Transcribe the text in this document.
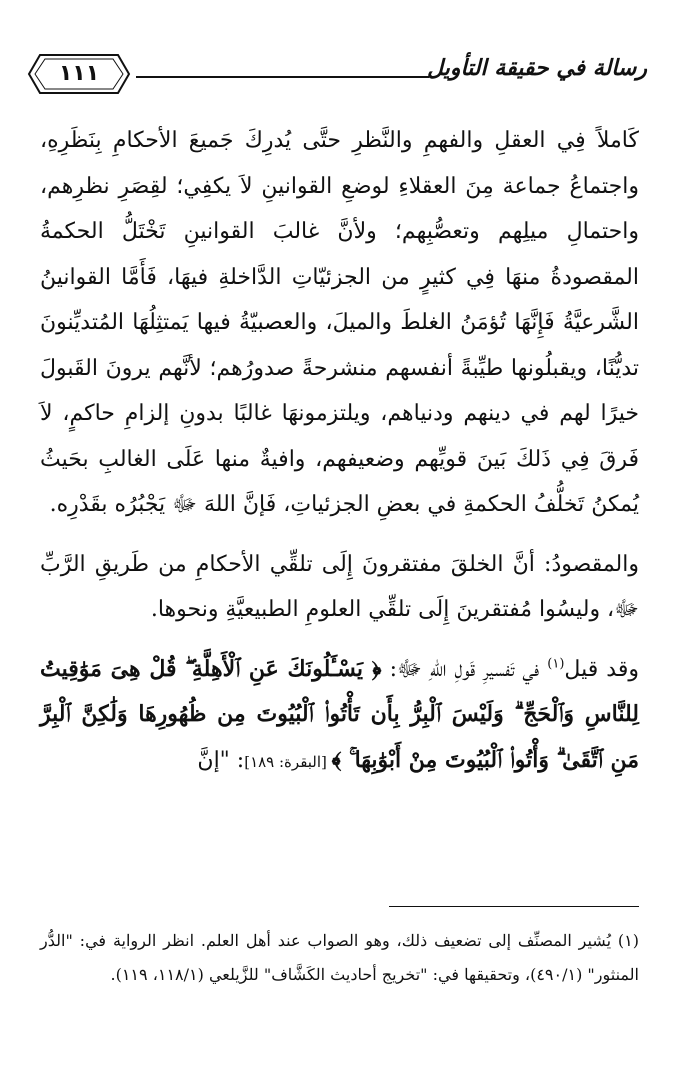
رسالة في حقيقة التأويل
١١١

كَاملاً فِي العقلِ والفهمِ والنَّظرِ حتَّى يُدرِكَ جَميعَ الأحكامِ بِنَظَرِهِ، واجتماعُ جماعة مِنَ العقلاءِ لوضعِ القوانينِ لاَ يكفِي؛ لقِصَرِ نظرِهم، واحتمالِ ميلِهم وتعصُّبِهم؛ ولأنَّ غالبَ القوانينِ تَخْتَلُّ الحكمةُ المقصودةُ منهَا فِي كثيرٍ من الجزئيّاتِ الدَّاخلةِ فيهَا، فَأَمَّا القوانينُ الشَّرعيَّةُ فَإِنَّهَا تُؤمَنُ الغلطَ والميلَ، والعصبيّةُ فيها يَمتثِلُهَا المُتديِّنونَ تديُّنًا، ويقبلُونها طيِّبةً أنفسهم منشرحةً صدورُهم؛ لأنَّهم يرونَ القَبولَ خيرًا لهم في دينهم ودنياهم، ويلتزمونهَا غالبًا بدونِ إلزامِ حاكمٍ، لاَ فَرقَ فِي ذَلكَ بَينَ قويِّهم وضعيفهم، وافيةٌ منها عَلَى الغالبِ بحَيثُ يُمكنُ تَخلُّفُ الحكمةِ في بعضِ الجزئياتِ، فَإنَّ اللهَ ﷻ يَجْبُرُه بقَدْرِه.

والمقصودُ: أنَّ الخلقَ مفتقرونَ إِلَى تلقِّي الأحكامِ من طَريقِ الرَّبِّ ﷻ، وليسُوا مُفتقرينَ إِلَى تلقِّي العلومِ الطبيعيَّةِ ونحوها.

وقد قيل$^{(١)}$ في تَفسيرِ قَولِ اللهِ ﷻ: ﴿ يَسْـَٔلُونَكَ عَنِ ٱلْأَهِلَّةِ ۖ قُلْ هِىَ مَوَٰقِيتُ لِلنَّاسِ وَٱلْحَجِّ ۗ وَلَيْسَ ٱلْبِرُّ بِأَن تَأْتُوا۟ ٱلْبُيُوتَ مِن ظُهُورِهَا وَلَٰكِنَّ ٱلْبِرَّ مَنِ ٱتَّقَىٰ ۗ وَأْتُوا۟ ٱلْبُيُوتَ مِنْ أَبْوَٰبِهَا ۚ ﴾ [البقرة: ١٨٩]: "إنَّ

(١) يُشير المصنِّف إلى تضعيف ذلك، وهو الصواب عند أهل العلم. انظر الرواية في: "الدُّر المنثور" (٤٩٠/١)، وتحقيقها في: "تخريج أحاديث الكَشَّاف" للزَّيلعي (١١٨/١، ١١٩).
